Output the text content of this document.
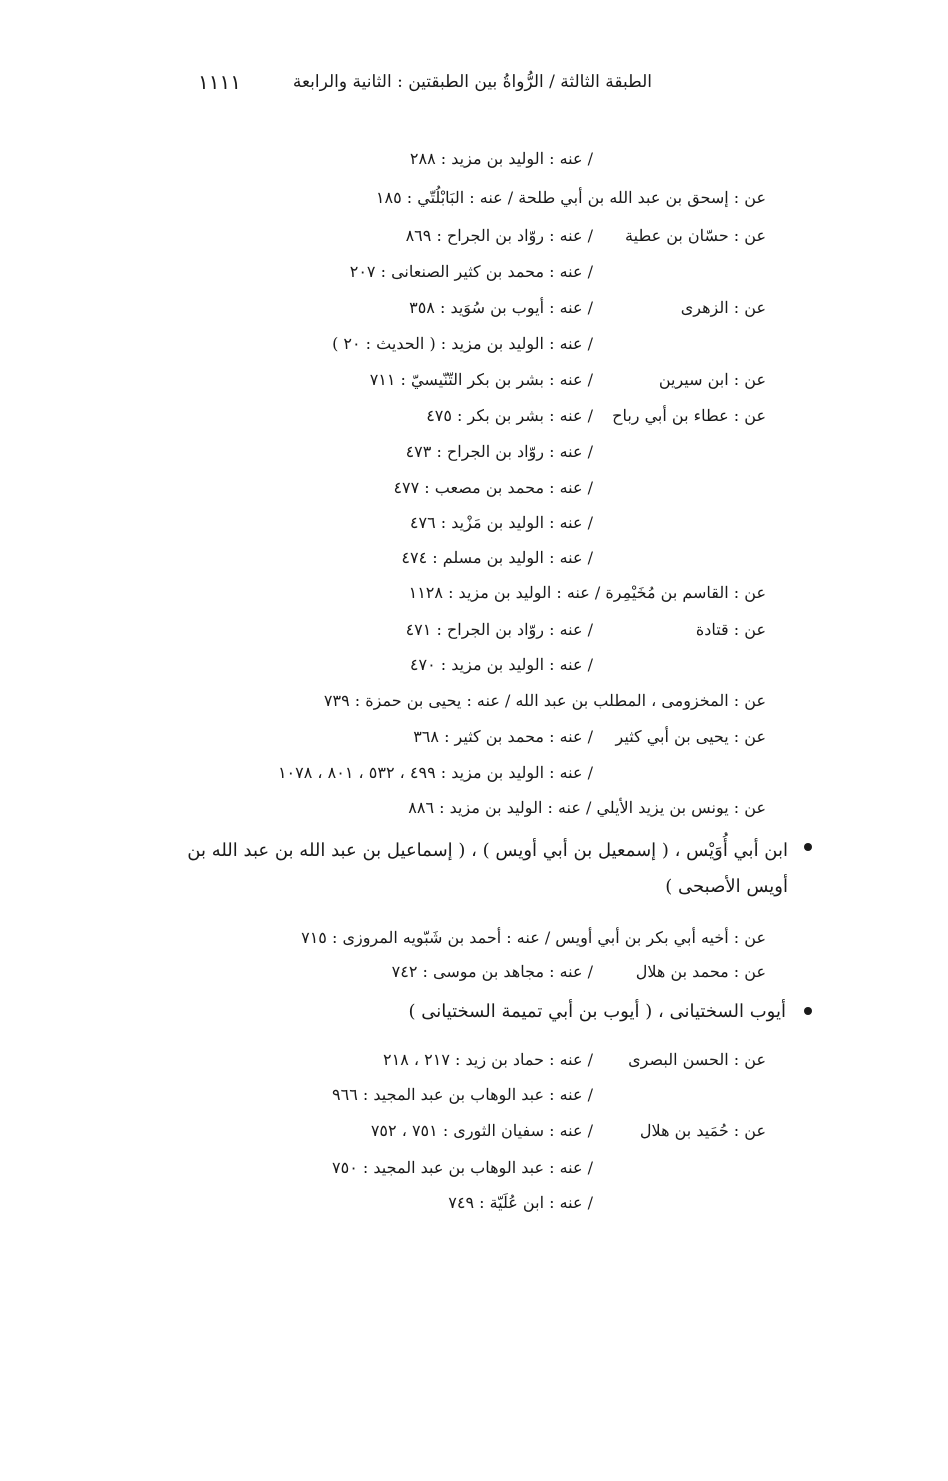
الطبقة الثالثة / الرُّواةُ بين الطبقتين : الثانية والرابعة
١١١١
/ عنه : الوليد بن مزيد : ٢٨٨
عن : إسحق بن عبد الله بن أبي طلحة / عنه : البَابْلُتّي : ١٨٥
عن : حسّان بن عطية
/ عنه : روّاد بن الجراح : ٨٦٩
/ عنه : محمد بن كثير الصنعانى : ٢٠٧
عن : الزهرى
/ عنه : أيوب بن سُوَيد : ٣٥٨
/ عنه : الوليد بن مزيد : ( الحديث : ٢٠ )
عن : ابن سيرين
/ عنه : بشر بن بكر التّنّيسيّ : ٧١١
عن : عطاء بن أبي رباح
/ عنه : بشر بن بكر : ٤٧٥
/ عنه : روّاد بن الجراح : ٤٧٣
/ عنه : محمد بن مصعب : ٤٧٧
/ عنه : الوليد بن مَزْيد : ٤٧٦
/ عنه : الوليد بن مسلم : ٤٧٤
عن : القاسم بن مُخَيْمِرة / عنه : الوليد بن مزيد : ١١٢٨
عن : قتادة
/ عنه : روّاد بن الجراح : ٤٧١
/ عنه : الوليد بن مزيد : ٤٧٠
عن : المخزومى ، المطلب بن عبد الله / عنه : يحيى بن حمزة : ٧٣٩
عن : يحيى بن أبي كثير
/ عنه : محمد بن كثير : ٣٦٨
/ عنه : الوليد بن مزيد : ٤٩٩ ، ٥٣٢ ، ٨٠١ ، ١٠٧٨
عن : يونس بن يزيد الأيلي / عنه : الوليد بن مزيد : ٨٨٦
ابن أبي أُوَيْس ، ( إسمعيل بن أبي أويس ) ، ( إسماعيل بن عبد الله بن عبد الله بن أويس الأصبحى )
عن : أخيه أبي بكر بن أبي أويس / عنه : أحمد بن شَبّويه المروزى : ٧١٥
عن : محمد بن هلال
/ عنه : مجاهد بن موسى : ٧٤٢
أيوب السختيانى ، ( أيوب بن أبي تميمة السختيانى )
عن : الحسن البصرى
/ عنه : حماد بن زيد : ٢١٧ ، ٢١٨
/ عنه : عبد الوهاب بن عبد المجيد : ٩٦٦
عن : حُمَيد بن هلال
/ عنه : سفيان الثورى : ٧٥١ ، ٧٥٢
/ عنه : عبد الوهاب بن عبد المجيد : ٧٥٠
/ عنه : ابن عُلَيّة : ٧٤٩
